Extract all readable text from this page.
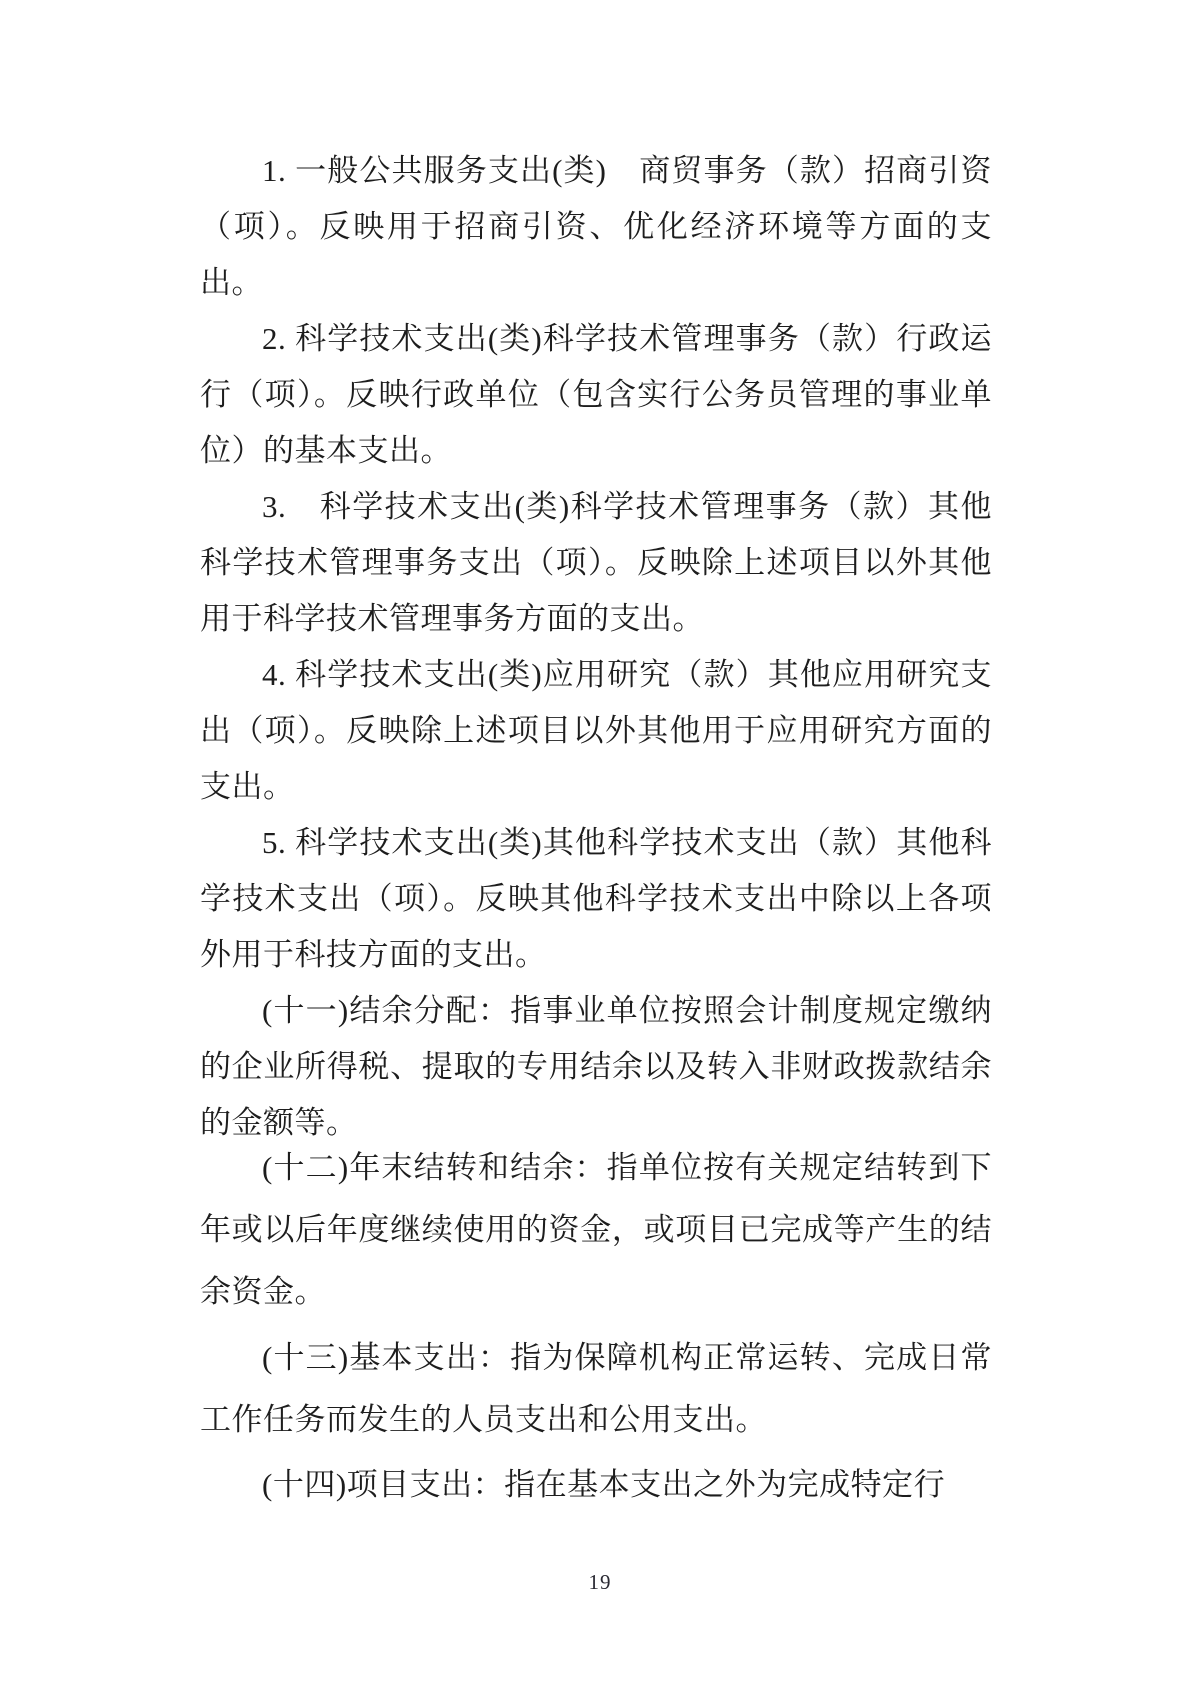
1. 一般公共服务支出(类)　商贸事务（款）招商引资（项）。反映用于招商引资、优化经济环境等方面的支出。

2. 科学技术支出(类)科学技术管理事务（款）行政运行（项）。反映行政单位（包含实行公务员管理的事业单位）的基本支出。

3.　科学技术支出(类)科学技术管理事务（款）其他科学技术管理事务支出（项）。反映除上述项目以外其他用于科学技术管理事务方面的支出。

4. 科学技术支出(类)应用研究（款）其他应用研究支出（项）。反映除上述项目以外其他用于应用研究方面的支出。

5. 科学技术支出(类)其他科学技术支出（款）其他科学技术支出（项）。反映其他科学技术支出中除以上各项外用于科技方面的支出。

(十一)结余分配：指事业单位按照会计制度规定缴纳的企业所得税、提取的专用结余以及转入非财政拨款结余的金额等。

(十二)年末结转和结余：指单位按有关规定结转到下年或以后年度继续使用的资金，或项目已完成等产生的结余资金。

(十三)基本支出：指为保障机构正常运转、完成日常工作任务而发生的人员支出和公用支出。

(十四)项目支出：指在基本支出之外为完成特定行

19
